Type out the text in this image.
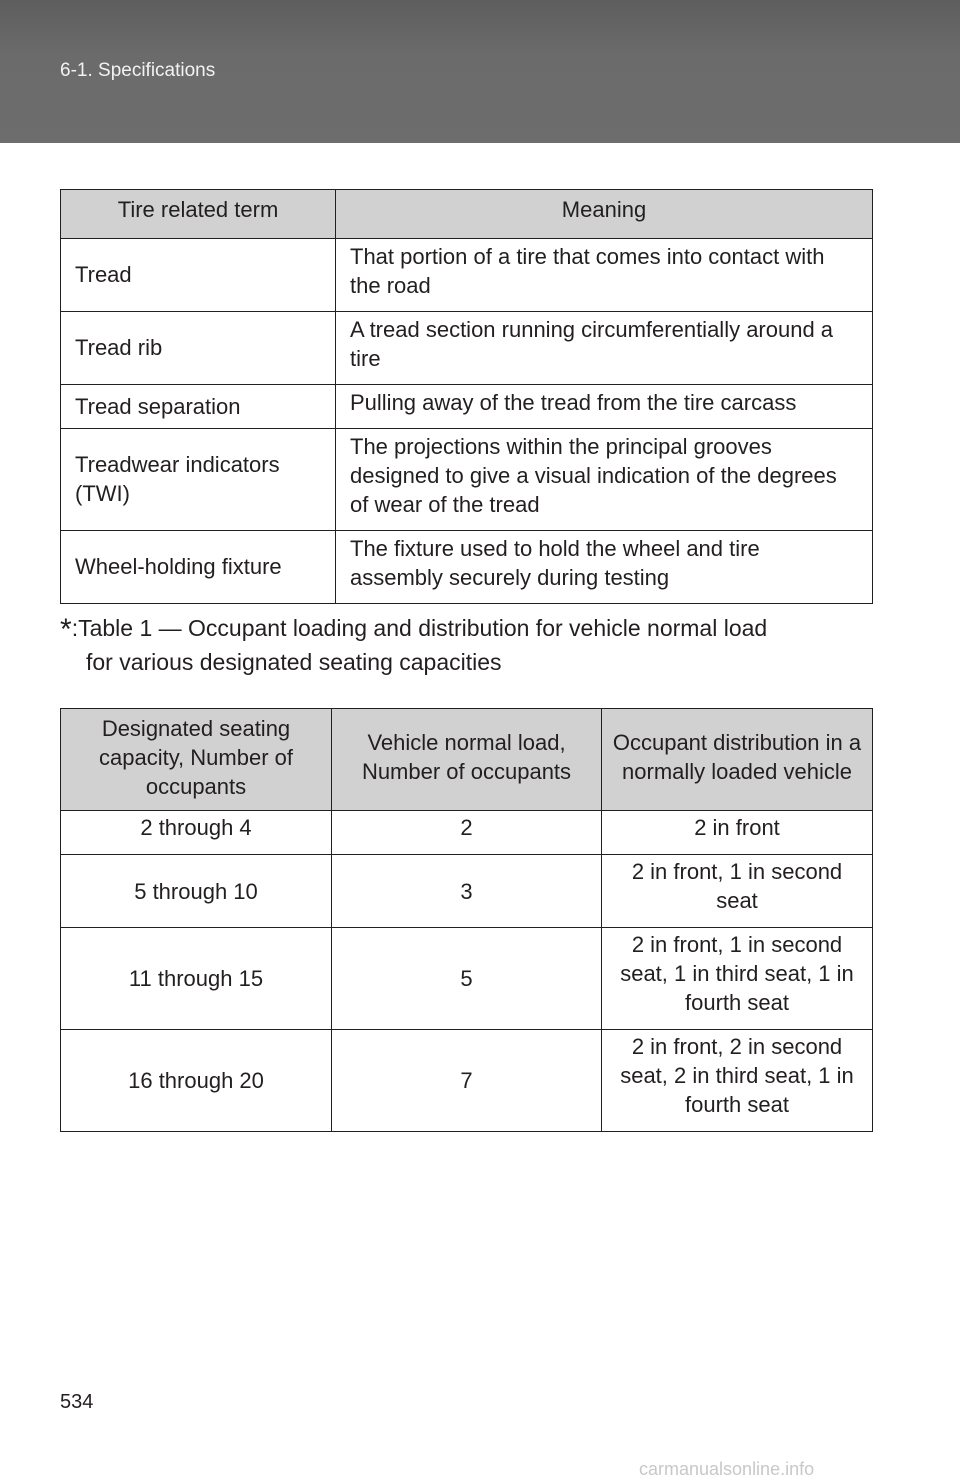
6-1. Specifications
Tire related term	Meaning
Tread	That portion of a tire that comes into contact with the road
Tread rib	A tread section running circumferentially around a tire
Tread separation	Pulling away of the tread from the tire carcass
Treadwear indicators (TWI)	The projections within the principal grooves designed to give a visual indication of the degrees of wear of the tread
Wheel-holding fixture	The fixture used to hold the wheel and tire assembly securely during testing
*:Table 1 — Occupant loading and distribution for vehicle normal load
for various designated seating capacities
Designated seating capacity, Number of occupants	Vehicle normal load, Number of occupants	Occupant distribution in a normally loaded vehicle
2 through 4	2	2 in front
5 through 10	3	2 in front, 1 in second seat
11 through 15	5	2 in front, 1 in second seat, 1 in third seat, 1 in fourth seat
16 through 20	7	2 in front, 2 in second seat, 2 in third seat, 1 in fourth seat
534
carmanualsonline.info
